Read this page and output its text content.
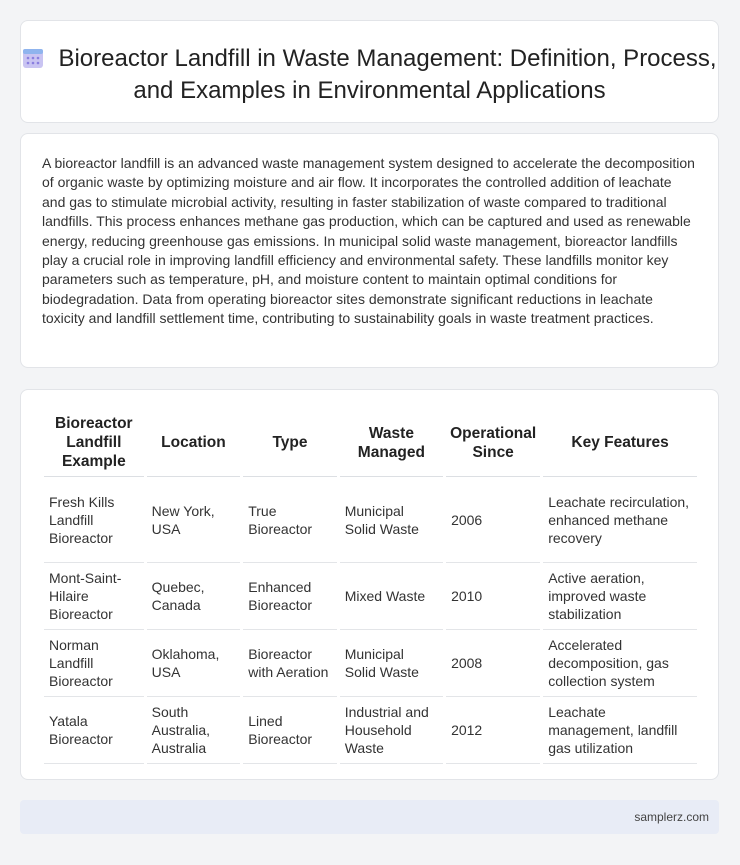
Bioreactor Landfill in Waste Management: Definition, Process, and Examples in Environmental Applications

A bioreactor landfill is an advanced waste management system designed to accelerate the decomposition of organic waste by optimizing moisture and air flow. It incorporates the controlled addition of leachate and gas to stimulate microbial activity, resulting in faster stabilization of waste compared to traditional landfills. This process enhances methane gas production, which can be captured and used as renewable energy, reducing greenhouse gas emissions. In municipal solid waste management, bioreactor landfills play a crucial role in improving landfill efficiency and environmental safety. These landfills monitor key parameters such as temperature, pH, and moisture content to maintain optimal conditions for biodegradation. Data from operating bioreactor sites demonstrate significant reductions in leachate toxicity and landfill settlement time, contributing to sustainability goals in waste treatment practices.

Bioreactor Landfill Example	Location	Type	Waste Managed	Operational Since	Key Features
Fresh Kills Landfill Bioreactor	New York, USA	True Bioreactor	Municipal Solid Waste	2006	Leachate recirculation, enhanced methane recovery
Mont-Saint-Hilaire Bioreactor	Quebec, Canada	Enhanced Bioreactor	Mixed Waste	2010	Active aeration, improved waste stabilization
Norman Landfill Bioreactor	Oklahoma, USA	Bioreactor with Aeration	Municipal Solid Waste	2008	Accelerated decomposition, gas collection system
Yatala Bioreactor	South Australia, Australia	Lined Bioreactor	Industrial and Household Waste	2012	Leachate management, landfill gas utilization
samplerz.com
